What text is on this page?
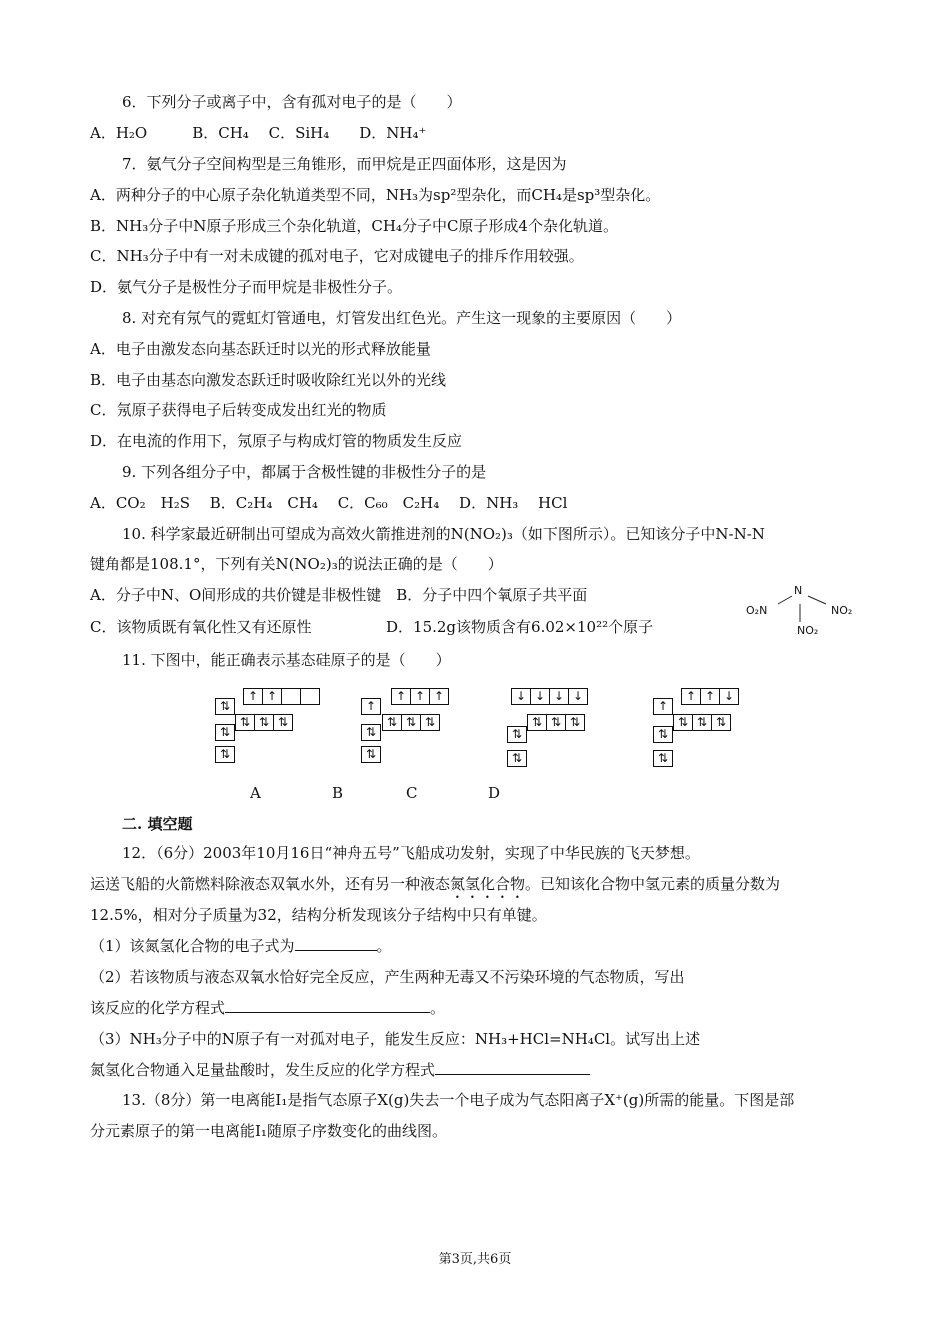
6．下列分子或离子中，含有孤对电子的是（　　）
A．H₂O　　　B．CH₄　 C．SiH₄　　D．NH₄⁺
7．氨气分子空间构型是三角锥形，而甲烷是正四面体形，这是因为
A．两种分子的中心原子杂化轨道类型不同，NH₃为sp²型杂化，而CH₄是sp³型杂化。
B．NH₃分子中N原子形成三个杂化轨道，CH₄分子中C原子形成4个杂化轨道。
C．NH₃分子中有一对未成键的孤对电子，它对成键电子的排斥作用较强。
D．氨气分子是极性分子而甲烷是非极性分子。
8. 对充有氖气的霓虹灯管通电，灯管发出红色光。产生这一现象的主要原因（　　）
A．电子由激发态向基态跃迁时以光的形式释放能量
B．电子由基态向激发态跃迁时吸收除红光以外的光线
C．氖原子获得电子后转变成发出红光的物质
D．在电流的作用下，氖原子与构成灯管的物质发生反应
9. 下列各组分子中，都属于含极性键的非极性分子的是
A．CO₂　H₂S　 B．C₂H₄　CH₄　 C．C₆₀　C₂H₄　 D．NH₃　 HCl
10. 科学家最近研制出可望成为高效火箭推进剂的N(NO₂)₃（如下图所示）。已知该分子中N-N-N
键角都是108.1°，下列有关N(NO₂)₃的说法正确的是（　　）
A．分子中N、O间形成的共价键是非极性键　B．分子中四个氧原子共平面
C．该物质既有氧化性又有还原性	D．15.2g该物质含有6.02×10²²个原子
N
O₂N	NO₂
NO₂
11. 下图中，能正确表示基态硅原子的是（　　）
↑ ↑
⇅ ⇅ ⇅
⇅
⇅
⇅
↑ ↑ ↑
⇅ ⇅ ⇅
↑
⇅
⇅
↓ ↓ ↓ ↓
⇅ ⇅ ⇅
⇅
⇅
↑ ↑ ↓
⇅ ⇅ ⇅
↑
⇅
⇅
A	B	C	D
二. 填空题
12．（6分）2003年10月16日“神舟五号”飞船成功发射，实现了中华民族的飞天梦想。
运送飞船的火箭燃料除液态双氧水外，还有另一种液态氮氢化合物。已知该化合物中氢元素的质量分数为
12.5%，相对分子质量为32，结构分析发现该分子结构中只有单键。
（1）该氮氢化合物的电子式为	。
（2）若该物质与液态双氧水恰好完全反应，产生两种无毒又不污染环境的气态物质，写出
该反应的化学方程式	。
（3）NH₃分子中的N原子有一对孤对电子，能发生反应：NH₃+HCl=NH₄Cl。试写出上述
氮氢化合物通入足量盐酸时，发生反应的化学方程式
13.（8分）第一电离能I₁是指气态原子X(g)失去一个电子成为气态阳离子X⁺(g)所需的能量。下图是部
分元素原子的第一电离能I₁随原子序数变化的曲线图。
第3页,共6页
